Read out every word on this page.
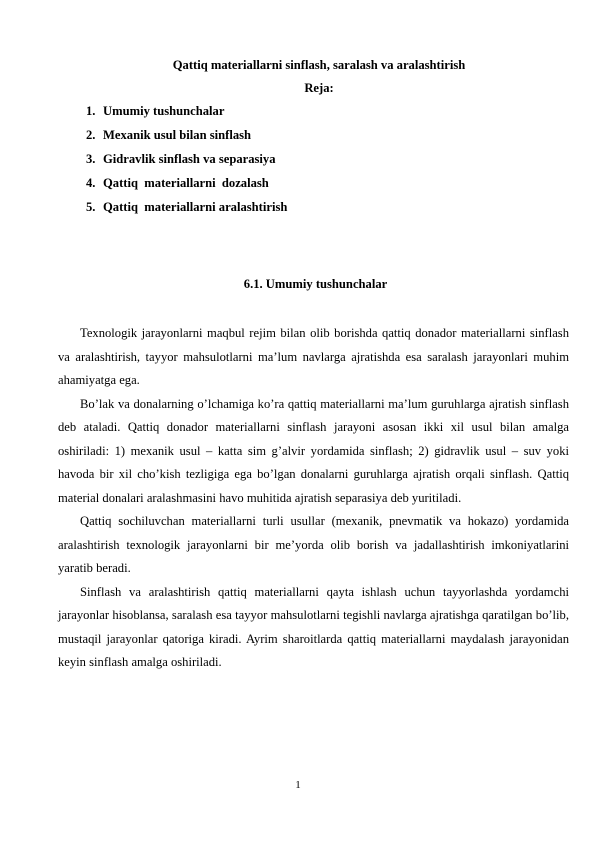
Qattiq materiallarni sinflash, saralash va aralashtirish
Reja:
1. Umumiy tushunchalar
2. Mexanik usul bilan sinflash
3. Gidravlik sinflash va separasiya
4. Qattiq  materiallarni  dozalash
5. Qattiq  materiallarni aralashtirish
6.1. Umumiy tushunchalar

Texnologik jarayonlarni maqbul rejim bilan olib borishda qattiq donador materiallarni sinflash va aralashtirish, tayyor mahsulotlarni ma’lum navlarga ajratishda esa saralash jarayonlari muhim ahamiyatga ega.

Bo’lak va donalarning o’lchamiga ko’ra qattiq materiallarni ma’lum guruhlarga ajratish sinflash deb ataladi. Qattiq donador materiallarni sinflash jarayoni asosan ikki xil usul bilan amalga oshiriladi: 1) mexanik usul – katta sim g’alvir yordamida sinflash; 2) gidravlik usul – suv yoki havoda bir xil cho’kish tezligiga ega bo’lgan donalarni guruhlarga ajratish orqali sinflash. Qattiq material donalari aralashmasini havo muhitida ajratish separasiya deb yuritiladi.

Qattiq sochiluvchan materiallarni turli usullar (mexanik, pnevmatik va hokazo) yordamida aralashtirish texnologik jarayonlarni bir me’yorda olib borish va jadallashtirish imkoniyatlarini yaratib beradi.

Sinflash va aralashtirish qattiq materiallarni qayta ishlash uchun tayyorlashda yordamchi jarayonlar hisoblansa, saralash esa tayyor mahsulotlarni tegishli navlarga ajratishga qaratilgan bo’lib, mustaqil jarayonlar qatoriga kiradi. Ayrim sharoitlarda qattiq materiallarni maydalash jarayonidan keyin sinflash amalga oshiriladi.

1
